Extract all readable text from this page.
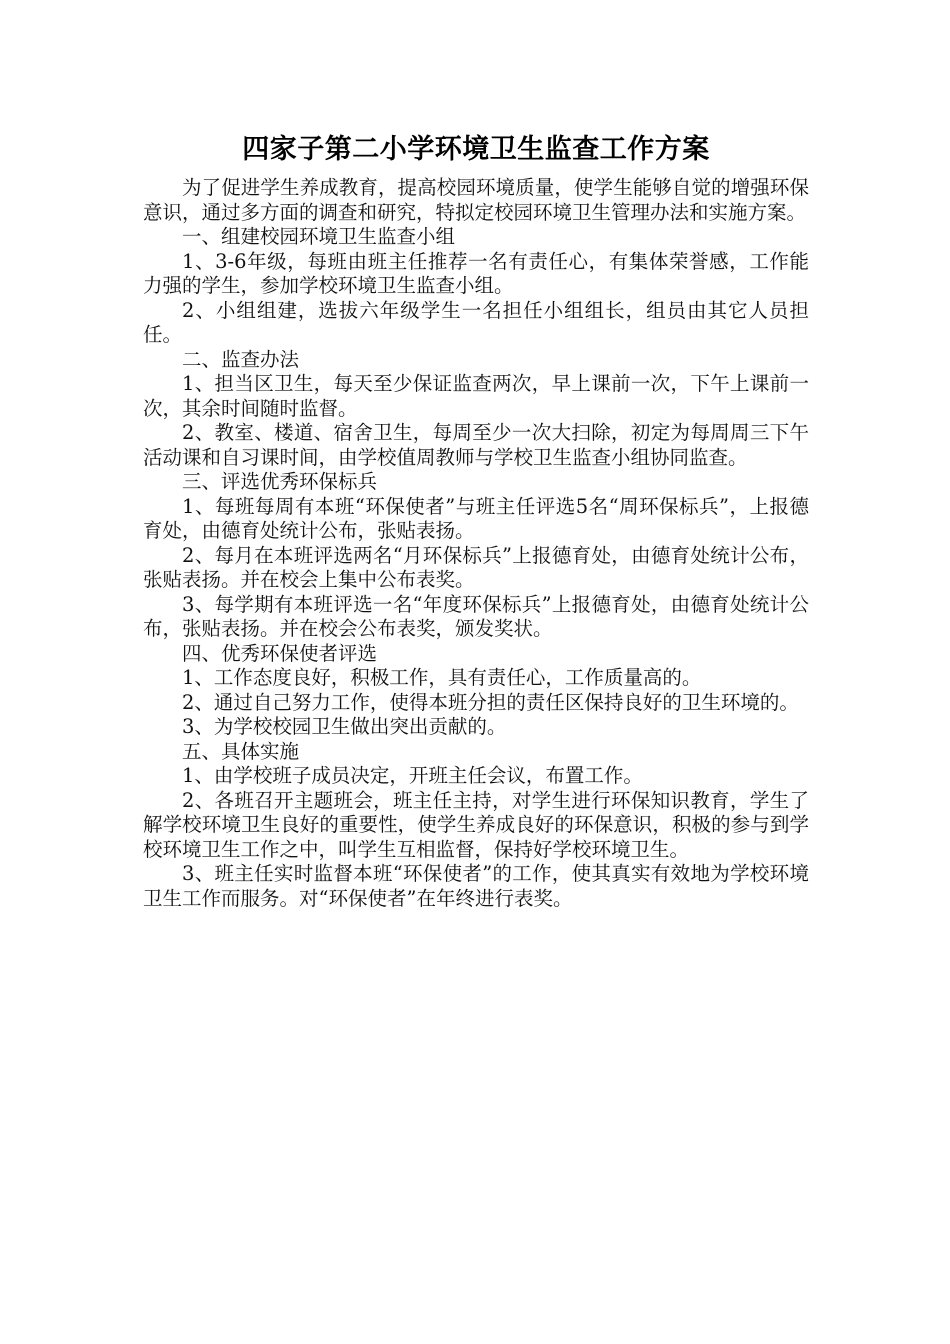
四家子第二小学环境卫生监查工作方案

为了促进学生养成教育，提高校园环境质量，使学生能够自觉的增强环保意识，通过多方面的调查和研究，特拟定校园环境卫生管理办法和实施方案。

一、组建校园环境卫生监查小组

1、3-6年级，每班由班主任推荐一名有责任心，有集体荣誉感，工作能力强的学生，参加学校环境卫生监查小组。

2、小组组建，选拔六年级学生一名担任小组组长，组员由其它人员担任。

二、监查办法

1、担当区卫生，每天至少保证监查两次，早上课前一次，下午上课前一次，其余时间随时监督。

2、教室、楼道、宿舍卫生，每周至少一次大扫除，初定为每周周三下午活动课和自习课时间，由学校值周教师与学校卫生监查小组协同监查。

三、评选优秀环保标兵

1、每班每周有本班“环保使者”与班主任评选5名“周环保标兵”，上报德育处，由德育处统计公布，张贴表扬。

2、每月在本班评选两名“月环保标兵”上报德育处，由德育处统计公布，张贴表扬。并在校会上集中公布表奖。

3、每学期有本班评选一名“年度环保标兵”上报德育处，由德育处统计公布，张贴表扬。并在校会公布表奖，颁发奖状。

四、优秀环保使者评选

1、工作态度良好，积极工作，具有责任心，工作质量高的。

2、通过自己努力工作，使得本班分担的责任区保持良好的卫生环境的。

3、为学校校园卫生做出突出贡献的。

五、具体实施

1、由学校班子成员决定，开班主任会议，布置工作。

2、各班召开主题班会，班主任主持，对学生进行环保知识教育，学生了解学校环境卫生良好的重要性，使学生养成良好的环保意识，积极的参与到学校环境卫生工作之中，叫学生互相监督，保持好学校环境卫生。

3、班主任实时监督本班“环保使者”的工作，使其真实有效地为学校环境卫生工作而服务。对“环保使者”在年终进行表奖。
